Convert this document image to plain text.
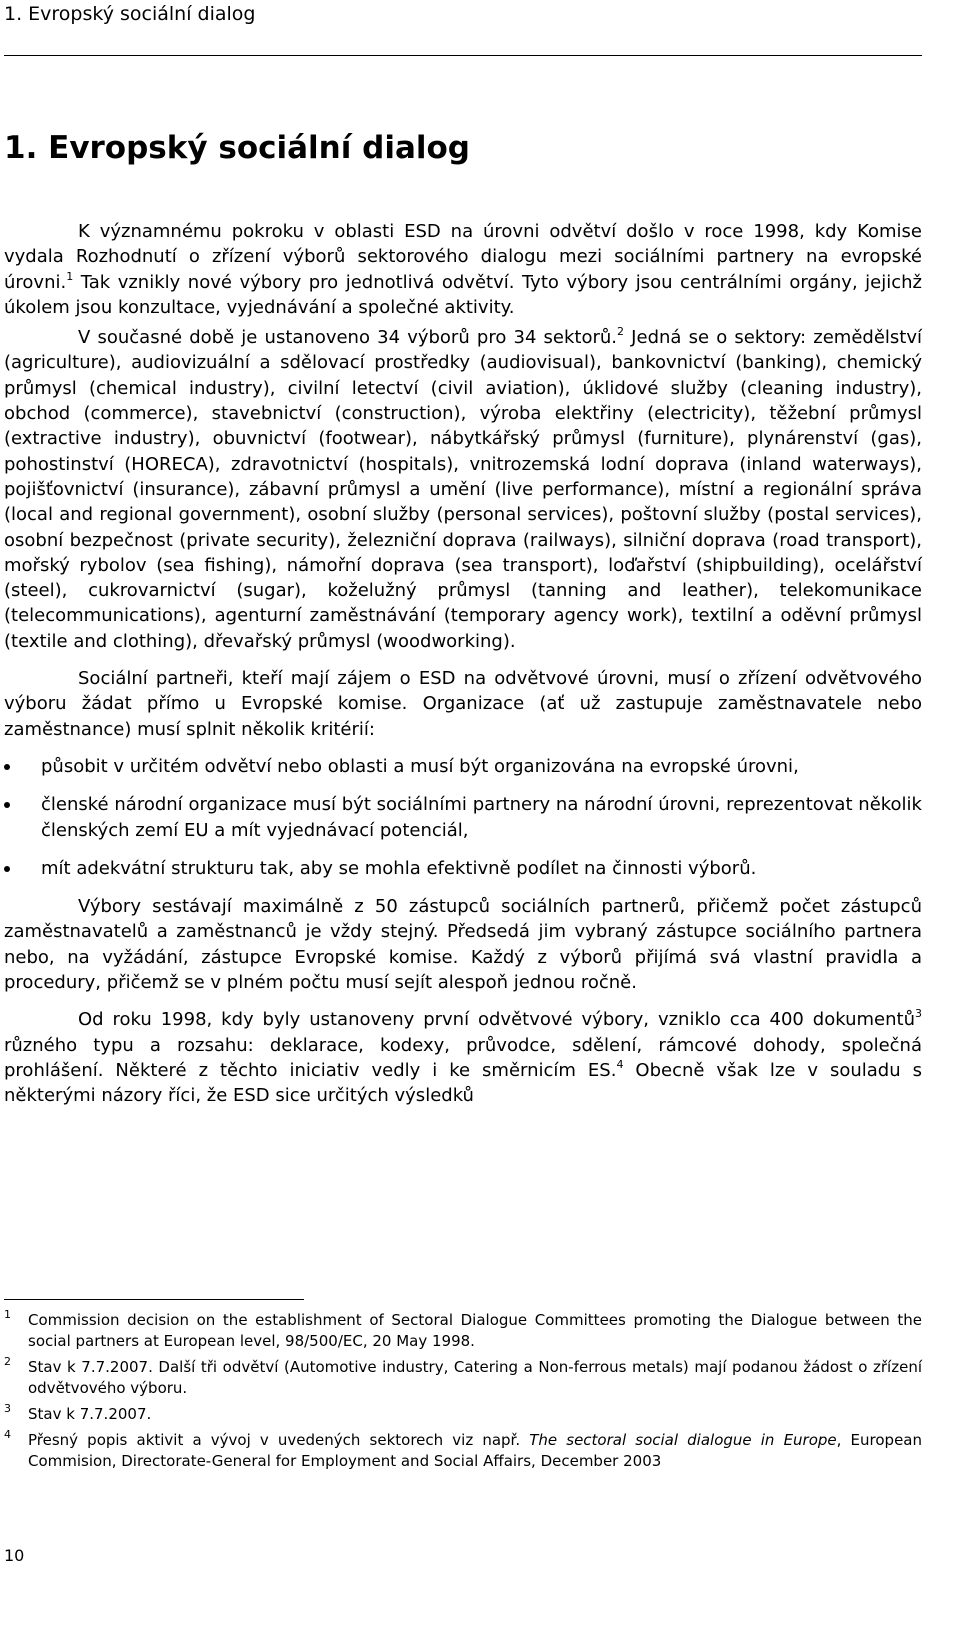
1. Evropský sociální dialog
1. Evropský sociální dialog

K významnému pokroku v oblasti ESD na úrovni odvětví došlo v roce 1998, kdy Komise vydala Rozhodnutí o zřízení výborů sektorového dialogu mezi sociálními partnery na evropské úrovni.$^1$ Tak vznikly nové výbory pro jednotlivá odvětví. Tyto výbory jsou centrálními orgány, jejichž úkolem jsou konzultace, vyjednávání a společné aktivity.

V současné době je ustanoveno 34 výborů pro 34 sektorů.$^2$ Jedná se o sektory: zemědělství (agriculture), audiovizuální a sdělovací prostředky (audiovisual), bankovnictví (banking), chemický průmysl (chemical industry), civilní letectví (civil aviation), úklidové služby (cleaning industry), obchod (commerce), stavebnictví (construction), výroba elektřiny (electricity), těžební průmysl (extractive industry), obuvnictví (footwear), nábytkářský průmysl (furniture), plynárenství (gas), pohostinství (HORECA), zdravotnictví (hospitals), vnitrozemská lodní doprava (inland waterways), pojišťovnictví (insurance), zábavní průmysl a umění (live performance), místní a regionální správa (local and regional government), osobní služby (personal services), poštovní služby (postal services), osobní bezpečnost (private security), železniční doprava (railways), silniční doprava (road transport), mořský rybolov (sea fishing), námořní doprava (sea transport), loďařství (shipbuilding), ocelářství (steel), cukrovarnictví (sugar), koželužný průmysl (tanning and leather), telekomunikace (telecommunications), agenturní zaměstnávání (temporary agency work), textilní a oděvní průmysl (textile and clothing), dřevařský průmysl (woodworking).

Sociální partneři, kteří mají zájem o ESD na odvětvové úrovni, musí o zřízení odvětvového výboru žádat přímo u Evropské komise. Organizace (ať už zastupuje zaměstnavatele nebo zaměstnance) musí splnit několik kritérií:

působit v určitém odvětví nebo oblasti a musí být organizována na evropské úrovni,
členské národní organizace musí být sociálními partnery na národní úrovni, reprezentovat několik členských zemí EU a mít vyjednávací potenciál,
mít adekvátní strukturu tak, aby se mohla efektivně podílet na činnosti výborů.

Výbory sestávají maximálně z 50 zástupců sociálních partnerů, přičemž počet zástupců zaměstnavatelů a zaměstnanců je vždy stejný. Předsedá jim vybraný zástupce sociálního partnera nebo, na vyžádání, zástupce Evropské komise. Každý z výborů přijímá svá vlastní pravidla a procedury, přičemž se v plném počtu musí sejít alespoň jednou ročně.

Od roku 1998, kdy byly ustanoveny první odvětvové výbory, vzniklo cca 400 dokumentů$^3$ různého typu a rozsahu: deklarace, kodexy, průvodce, sdělení, rámcové dohody, společná prohlášení. Některé z těchto iniciativ vedly i ke směrnicím ES.$^4$ Obecně však lze v souladu s některými názory říci, že ESD sice určitých výsledků

1 Commission decision on the establishment of Sectoral Dialogue Committees promoting the Dialogue between the social partners at European level, 98/500/EC, 20 May 1998.
2 Stav k 7.7.2007. Další tři odvětví (Automotive industry, Catering a Non-ferrous metals) mají podanou žádost o zřízení odvětvového výboru.
3 Stav k 7.7.2007.
4 Přesný popis aktivit a vývoj v uvedených sektorech viz např. The sectoral social dialogue in Europe, European Commision, Directorate-General for Employment and Social Affairs, December 2003
10
